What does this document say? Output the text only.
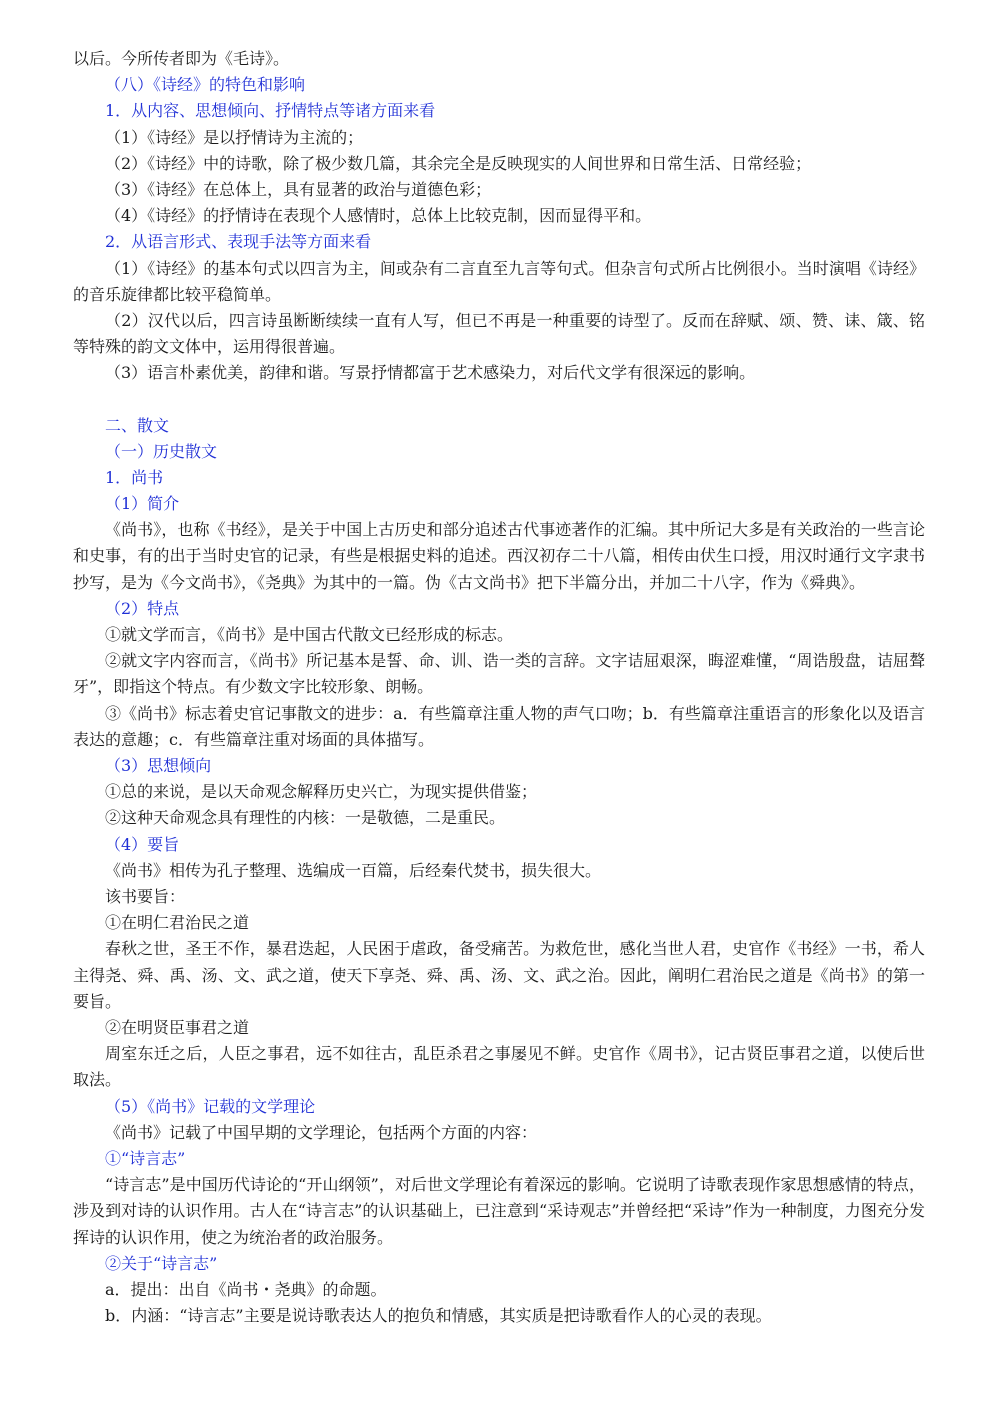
以后。今所传者即为《毛诗》。
（八）《诗经》的特色和影响
1．从内容、思想倾向、抒情特点等诸方面来看
（1）《诗经》是以抒情诗为主流的；
（2）《诗经》中的诗歌，除了极少数几篇，其余完全是反映现实的人间世界和日常生活、日常经验；
（3）《诗经》在总体上，具有显著的政治与道德色彩；
（4）《诗经》的抒情诗在表现个人感情时，总体上比较克制，因而显得平和。
2．从语言形式、表现手法等方面来看

（1）《诗经》的基本句式以四言为主，间或杂有二言直至九言等句式。但杂言句式所占比例很小。当时演唱《诗经》的音乐旋律都比较平稳简单。

（2）汉代以后，四言诗虽断断续续一直有人写，但已不再是一种重要的诗型了。反而在辞赋、颂、赞、诔、箴、铭等特殊的韵文文体中，运用得很普遍。

（3）语言朴素优美，韵律和谐。写景抒情都富于艺术感染力，对后代文学有很深远的影响。
二、散文
（一）历史散文
1．尚书
（1）简介

《尚书》，也称《书经》，是关于中国上古历史和部分追述古代事迹著作的汇编。其中所记大多是有关政治的一些言论和史事，有的出于当时史官的记录，有些是根据史料的追述。西汉初存二十八篇，相传由伏生口授，用汉时通行文字隶书抄写，是为《今文尚书》，《尧典》为其中的一篇。伪《古文尚书》把下半篇分出，并加二十八字，作为《舜典》。

（2）特点
①就文学而言，《尚书》是中国古代散文已经形成的标志。

②就文字内容而言，《尚书》所记基本是誓、命、训、诰一类的言辞。文字诘屈艰深，晦涩难懂，“周诰殷盘，诘屈聱牙”，即指这个特点。有少数文字比较形象、朗畅。

③《尚书》标志着史官记事散文的进步：a．有些篇章注重人物的声气口吻；b．有些篇章注重语言的形象化以及语言表达的意趣；c．有些篇章注重对场面的具体描写。

（3）思想倾向
①总的来说，是以天命观念解释历史兴亡，为现实提供借鉴；
②这种天命观念具有理性的内核：一是敬德，二是重民。
（4）要旨
《尚书》相传为孔子整理、选编成一百篇，后经秦代焚书，损失很大。
该书要旨：
①在明仁君治民之道

春秋之世，圣王不作，暴君迭起，人民困于虐政，备受痛苦。为救危世，感化当世人君，史官作《书经》一书，希人主得尧、舜、禹、汤、文、武之道，使天下享尧、舜、禹、汤、文、武之治。因此，阐明仁君治民之道是《尚书》的第一要旨。

②在明贤臣事君之道

周室东迁之后，人臣之事君，远不如往古，乱臣杀君之事屡见不鲜。史官作《周书》，记古贤臣事君之道，以使后世取法。

（5）《尚书》记载的文学理论
《尚书》记载了中国早期的文学理论，包括两个方面的内容：
①“诗言志”

“诗言志”是中国历代诗论的“开山纲领”，对后世文学理论有着深远的影响。它说明了诗歌表现作家思想感情的特点，涉及到对诗的认识作用。古人在“诗言志”的认识基础上，已注意到“采诗观志”并曾经把“采诗”作为一种制度，力图充分发挥诗的认识作用，使之为统治者的政治服务。

②关于“诗言志”
a．提出：出自《尚书・尧典》的命题。
b．内涵：“诗言志”主要是说诗歌表达人的抱负和情感，其实质是把诗歌看作人的心灵的表现。
